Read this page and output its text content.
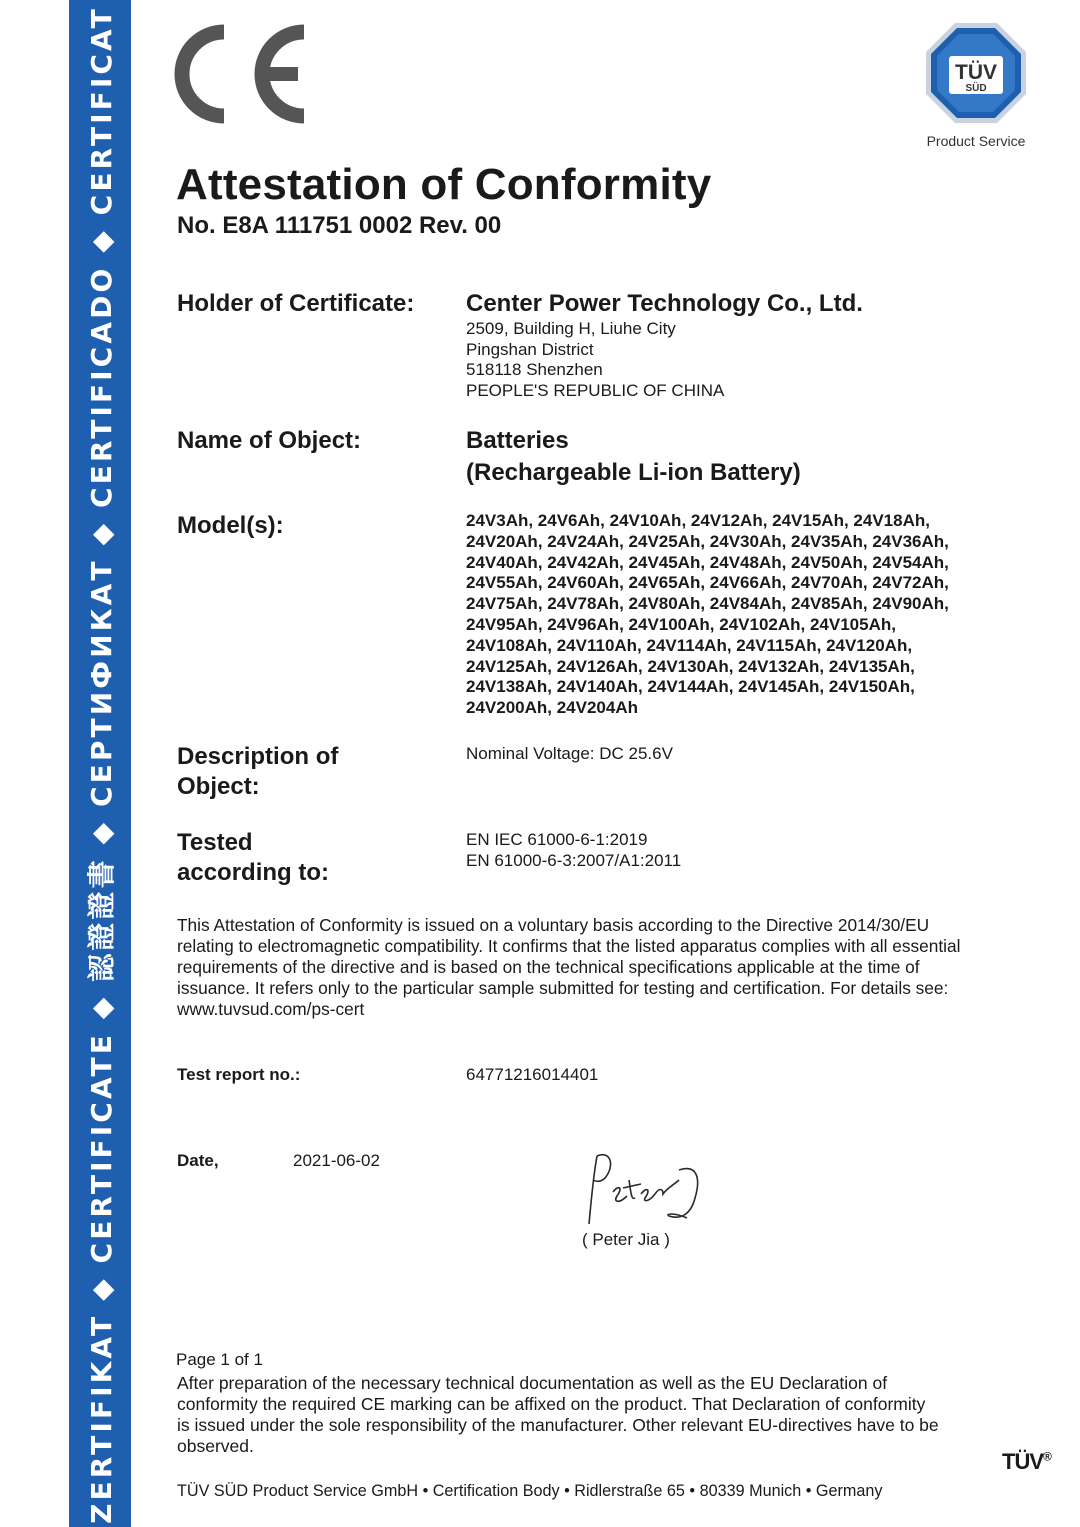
ZERTIFIKAT ◆ CERTIFICATE ◆ 認證證書 ◆ СЕРТИФИКАТ ◆ CERTIFICADO ◆ CERTIFICAT	TÜV
SÜD
Product Service
Attestation of Conformity
No. E8A 111751 0002 Rev. 00
Holder of Certificate: Center Power Technology Co., Ltd.
2509, Building H, Liuhe City
Pingshan District
518118 Shenzhen
PEOPLE'S REPUBLIC OF CHINA
Name of Object:	Batteries
(Rechargeable Li-ion Battery)
Model(s):	24V3Ah, 24V6Ah, 24V10Ah, 24V12Ah, 24V15Ah, 24V18Ah,
24V20Ah, 24V24Ah, 24V25Ah, 24V30Ah, 24V35Ah, 24V36Ah,
24V40Ah, 24V42Ah, 24V45Ah, 24V48Ah, 24V50Ah, 24V54Ah,
24V55Ah, 24V60Ah, 24V65Ah, 24V66Ah, 24V70Ah, 24V72Ah,
24V75Ah, 24V78Ah, 24V80Ah, 24V84Ah, 24V85Ah, 24V90Ah,
24V95Ah, 24V96Ah, 24V100Ah, 24V102Ah, 24V105Ah,
24V108Ah, 24V110Ah, 24V114Ah, 24V115Ah, 24V120Ah,
24V125Ah, 24V126Ah, 24V130Ah, 24V132Ah, 24V135Ah,
24V138Ah, 24V140Ah, 24V144Ah, 24V145Ah, 24V150Ah,
24V200Ah, 24V204Ah
Description of
Object:
Nominal Voltage: DC 25.6V
Tested
according to:
EN IEC 61000-6-1:2019
EN 61000-6-3:2007/A1:2011
This Attestation of Conformity is issued on a voluntary basis according to the Directive 2014/30/EU
relating to electromagnetic compatibility. It confirms that the listed apparatus complies with all essential
requirements of the directive and is based on the technical specifications applicable at the time of
issuance. It refers only to the particular sample submitted for testing and certification. For details see:
www.tuvsud.com/ps-cert
Test report no.:	64771216014401
Date,	2021-06-02
( Peter Jia )
Page 1 of 1
After preparation of the necessary technical documentation as well as the EU Declaration of
conformity the required CE marking can be affixed on the product. That Declaration of conformity
is issued under the sole responsibility of the manufacturer. Other relevant EU-directives have to be
observed.
TÜV®
TÜV SÜD Product Service GmbH • Certification Body • Ridlerstraße 65 • 80339 Munich • Germany
